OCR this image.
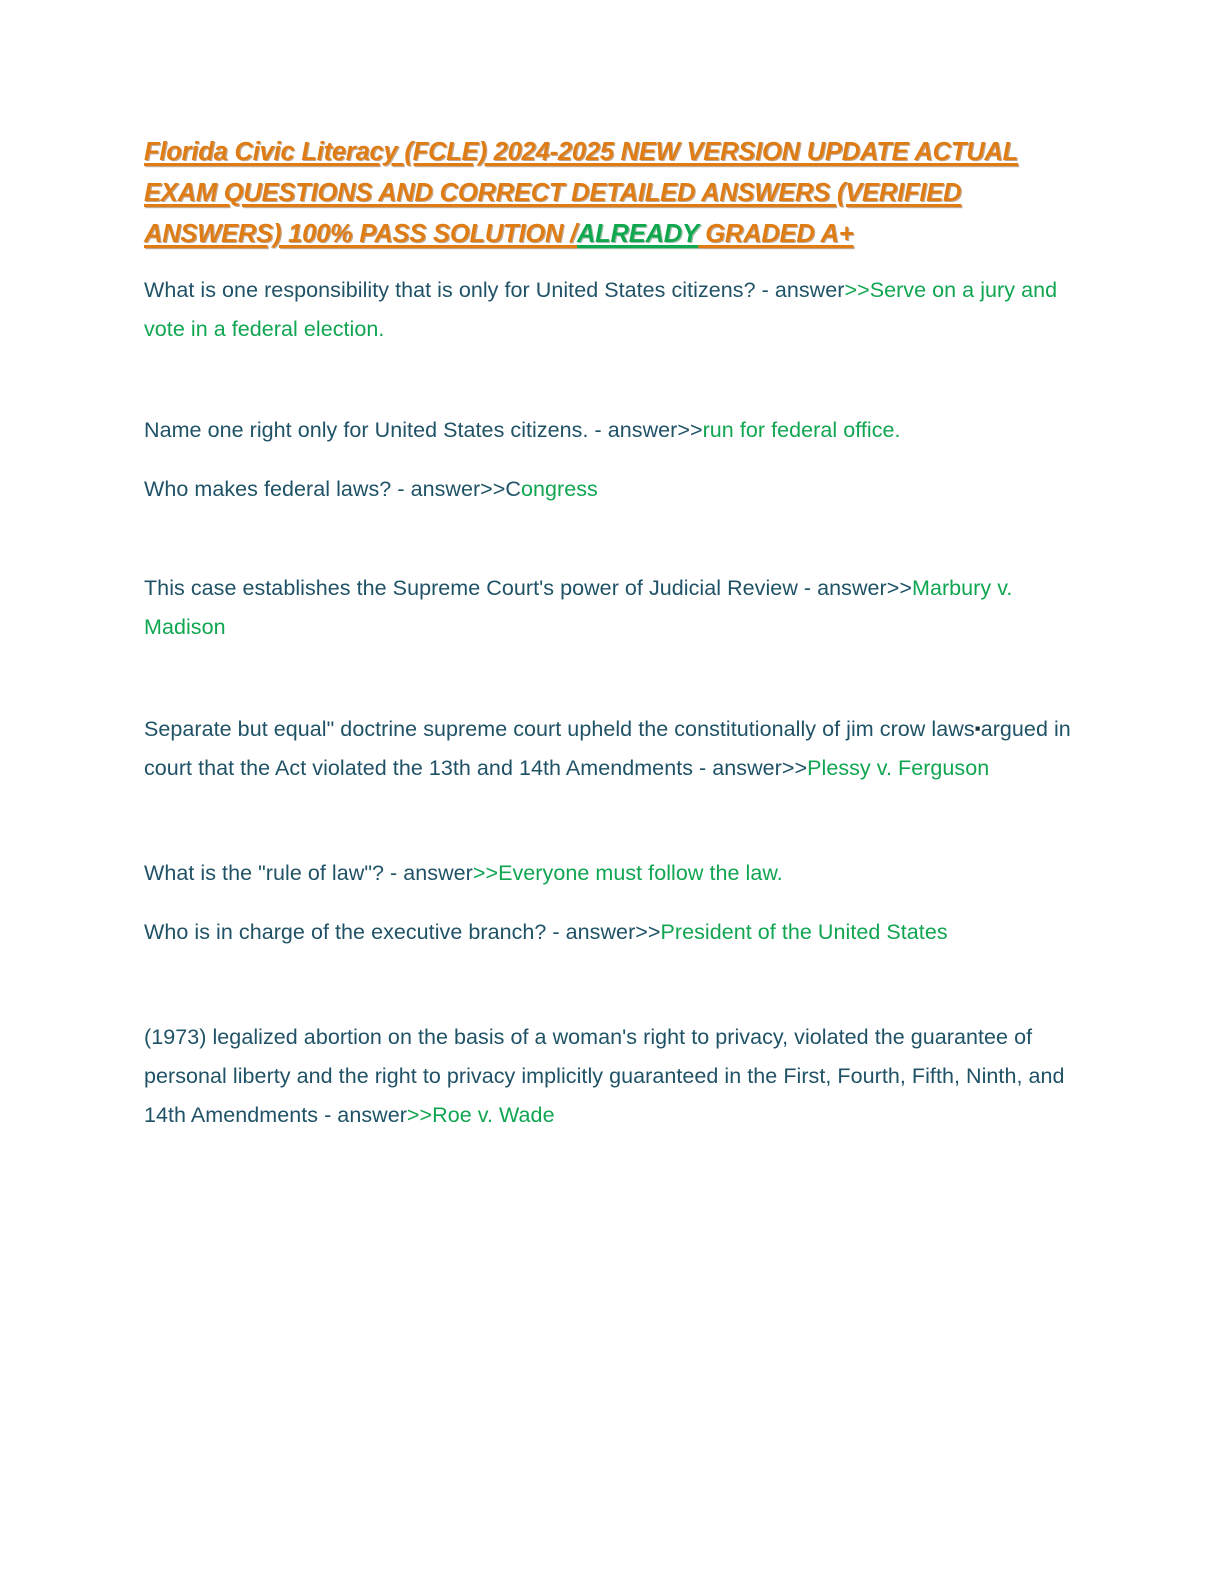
Florida Civic Literacy (FCLE) 2024-2025 NEW VERSION UPDATE ACTUAL EXAM QUESTIONS AND CORRECT DETAILED ANSWERS (VERIFIED ANSWERS) 100% PASS SOLUTION /ALREADY GRADED A+

What is one responsibility that is only for United States citizens? - answer>>Serve on a jury and vote in a federal election.

Name one right only for United States citizens. - answer>>run for federal office.

Who makes federal laws? - answer>>Congress

This case establishes the Supreme Court's power of Judicial Review - answer>>Marbury v. Madison

Separate but equal" doctrine supreme court upheld the constitutionally of jim crow laws▪argued in court that the Act violated the 13th and 14th Amendments - answer>>Plessy v. Ferguson

What is the "rule of law"? - answer>>Everyone must follow the law.

Who is in charge of the executive branch? - answer>>President of the United States

(1973) legalized abortion on the basis of a woman's right to privacy, violated the guarantee of personal liberty and the right to privacy implicitly guaranteed in the First, Fourth, Fifth, Ninth, and 14th Amendments - answer>>Roe v. Wade
